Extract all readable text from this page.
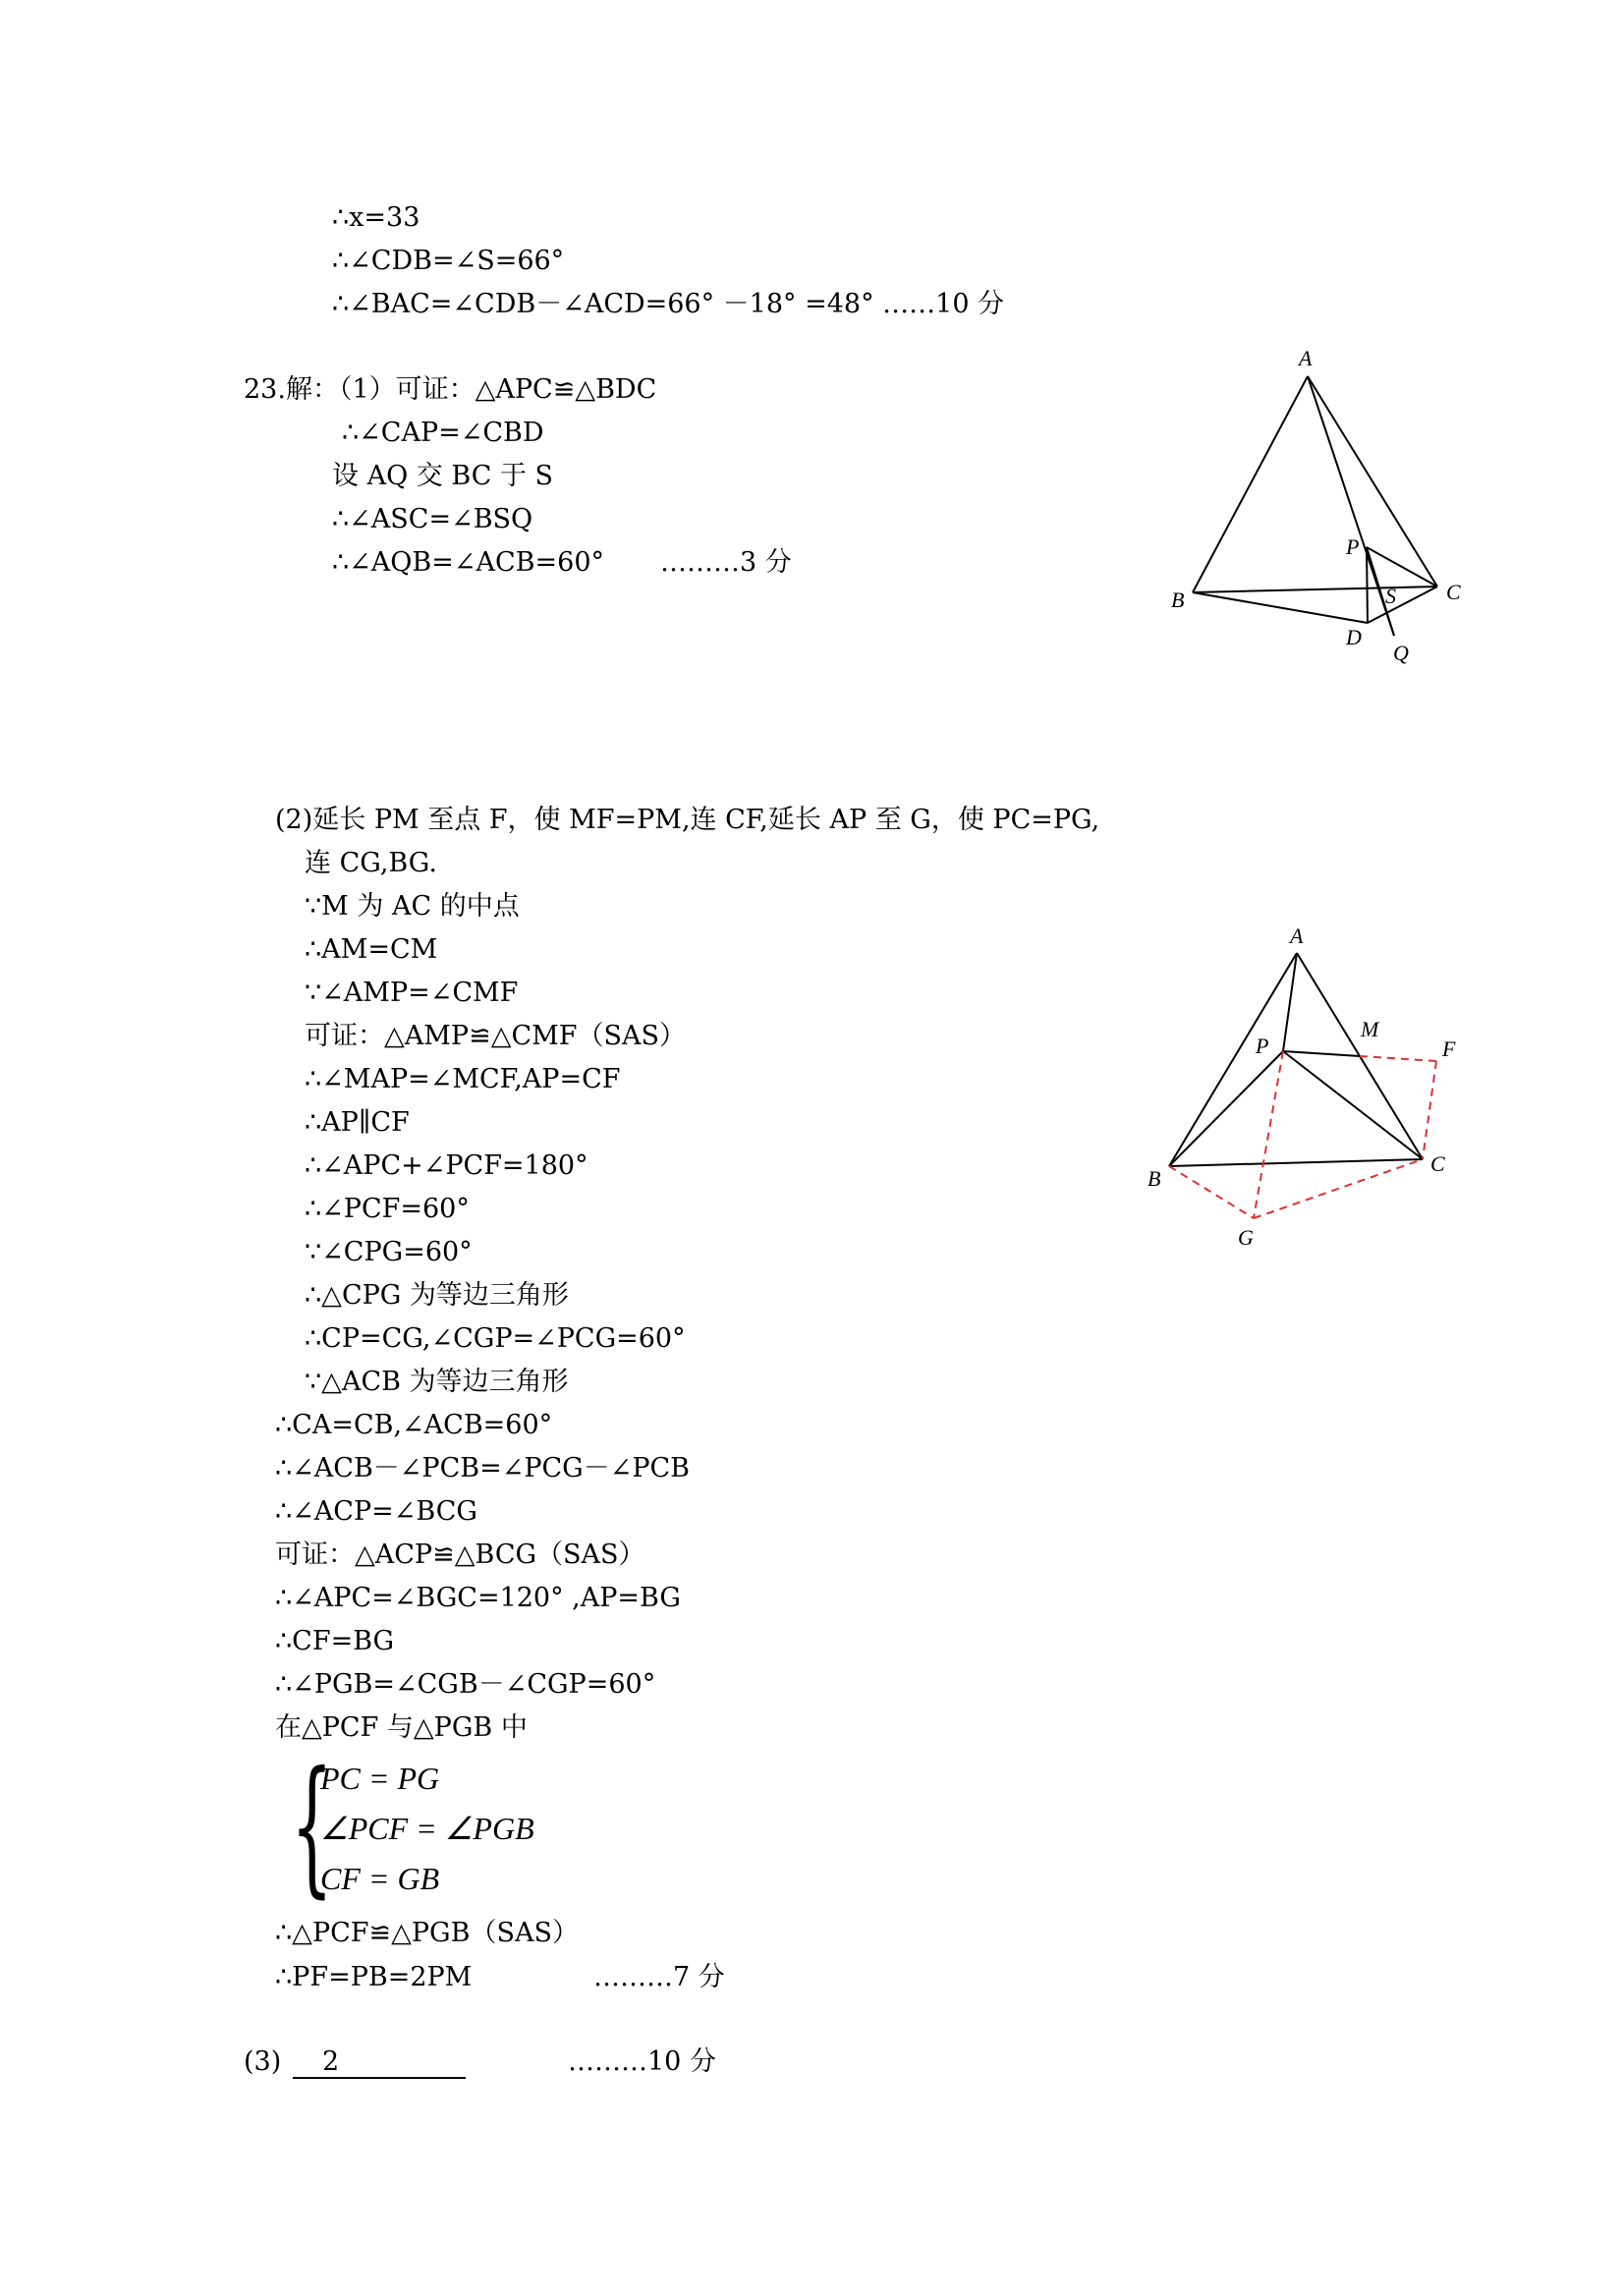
∴x=33
∴∠CDB=∠S=66°
∴∠BAC=∠CDB－∠ACD=66° －18° =48° ……10 分
23.解：（1）可证：△APC≌△BDC
∴∠CAP=∠CBD
设 AQ 交 BC 于 S
∴∠ASC=∠BSQ
∴∠AQB=∠ACB=60° ………3 分
A
B	C
P
S
D
Q
(2)延长 PM 至点 F，使 MF=PM,连 CF,延长 AP 至 G，使 PC=PG,
连 CG,BG.
∵M 为 AC 的中点
∴AM=CM
∵∠AMP=∠CMF
可证：△AMP≌△CMF（SAS）
∴∠MAP=∠MCF,AP=CF
∴AP∥CF
∴∠APC+∠PCF=180°
∴∠PCF=60°
∵∠CPG=60°
∴△CPG 为等边三角形
∴CP=CG,∠CGP=∠PCG=60°
∵△ACB 为等边三角形
∴CA=CB,∠ACB=60°
∴∠ACB－∠PCB=∠PCG－∠PCB
∴∠ACP=∠BCG
可证：△ACP≌△BCG（SAS）
∴∠APC=∠BGC=120° ,AP=BG
∴CF=BG
∴∠PGB=∠CGB－∠CGP=60°
在△PCF 与△PGB 中
{
PC = PG
∠PCF = ∠PGB
CF = GB
∴△PCF≌△PGB（SAS）
∴PF=PB=2PM	………7 分
A
P
M
F
B
C
G
(3)	2	………10 分
